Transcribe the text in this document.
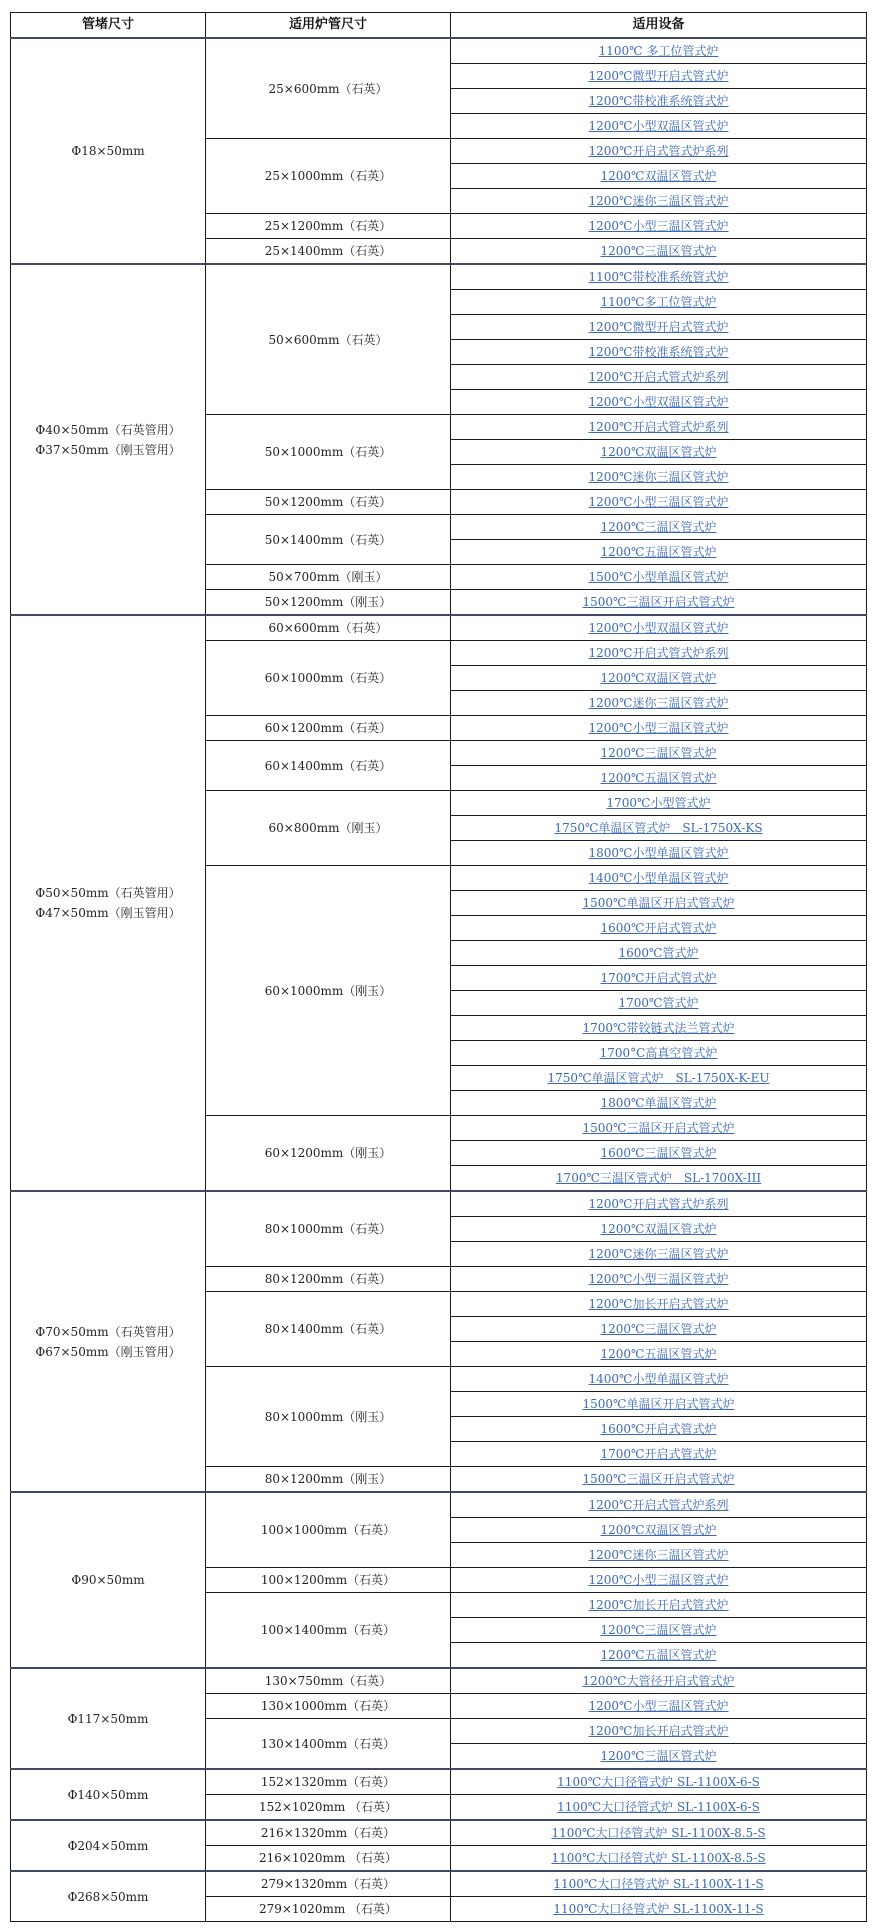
管堵尺寸	适用炉管尺寸	适用设备

Φ18×50mm	25×600mm（石英）	1100℃ 多工位管式炉
		1200℃微型开启式管式炉
		1200℃带校准系统管式炉
		1200℃小型双温区管式炉
	25×1000mm（石英）	1200℃开启式管式炉系列
		1200℃双温区管式炉
		1200℃迷你三温区管式炉
	25×1200mm（石英）	1200℃小型三温区管式炉
	25×1400mm（石英）	1200℃三温区管式炉

Φ40×50mm（石英管用）
Φ37×50mm（刚玉管用）	50×600mm（石英）	1100℃带校准系统管式炉
		1100℃多工位管式炉
		1200℃微型开启式管式炉
		1200℃带校准系统管式炉
		1200℃开启式管式炉系列
		1200℃小型双温区管式炉
	50×1000mm（石英）	1200℃开启式管式炉系列
		1200℃双温区管式炉
		1200℃迷你三温区管式炉
	50×1200mm（石英）	1200℃小型三温区管式炉
	50×1400mm（石英）	1200℃三温区管式炉
		1200℃五温区管式炉
	50×700mm（刚玉）	1500℃小型单温区管式炉
	50×1200mm（刚玉）	1500℃三温区开启式管式炉

Φ50×50mm（石英管用）
Φ47×50mm（刚玉管用）	60×600mm（石英）	1200℃小型双温区管式炉
	60×1000mm（石英）	1200℃开启式管式炉系列
		1200℃双温区管式炉
		1200℃迷你三温区管式炉
	60×1200mm（石英）	1200℃小型三温区管式炉
	60×1400mm（石英）	1200℃三温区管式炉
		1200℃五温区管式炉
	60×800mm（刚玉）	1700℃小型管式炉
		1750℃单温区管式炉　SL-1750X-KS
		1800℃小型单温区管式炉
	60×1000mm（刚玉）	1400℃小型单温区管式炉
		1500℃单温区开启式管式炉
		1600℃开启式管式炉
		1600℃管式炉
		1700℃开启式管式炉
		1700℃管式炉
		1700℃带铰链式法兰管式炉
		1700°C高真空管式炉
		1750℃单温区管式炉　SL-1750X-K-EU
		1800℃单温区管式炉
	60×1200mm（刚玉）	1500℃三温区开启式管式炉
		1600℃三温区管式炉
		1700℃三温区管式炉　SL-1700X-III

Φ70×50mm（石英管用）
Φ67×50mm（刚玉管用）	80×1000mm（石英）	1200℃开启式管式炉系列
		1200℃双温区管式炉
		1200℃迷你三温区管式炉
	80×1200mm（石英）	1200℃小型三温区管式炉
	80×1400mm（石英）	1200℃加长开启式管式炉
		1200℃三温区管式炉
		1200℃五温区管式炉
	80×1000mm（刚玉）	1400℃小型单温区管式炉
		1500℃单温区开启式管式炉
		1600℃开启式管式炉
		1700℃开启式管式炉
	80×1200mm（刚玉）	1500℃三温区开启式管式炉

Φ90×50mm	100×1000mm（石英）	1200℃开启式管式炉系列
		1200℃双温区管式炉
		1200℃迷你三温区管式炉
	100×1200mm（石英）	1200℃小型三温区管式炉
	100×1400mm（石英）	1200℃加长开启式管式炉
		1200℃三温区管式炉
		1200℃五温区管式炉

Φ117×50mm	130×750mm（石英）	1200℃大管径开启式管式炉
	130×1000mm（石英）	1200℃小型三温区管式炉
	130×1400mm（石英）	1200℃加长开启式管式炉
		1200℃三温区管式炉

Φ140×50mm	152×1320mm（石英）	1100℃大口径管式炉 SL-1100X-6-S
	152×1020mm （石英）	1100℃大口径管式炉 SL-1100X-6-S

Φ204×50mm	216×1320mm（石英）	1100℃大口径管式炉 SL-1100X-8.5-S
	216×1020mm （石英）	1100℃大口径管式炉 SL-1100X-8.5-S

Φ268×50mm	279×1320mm（石英）	1100℃大口径管式炉 SL-1100X-11-S
	279×1020mm （石英）	1100℃大口径管式炉 SL-1100X-11-S
